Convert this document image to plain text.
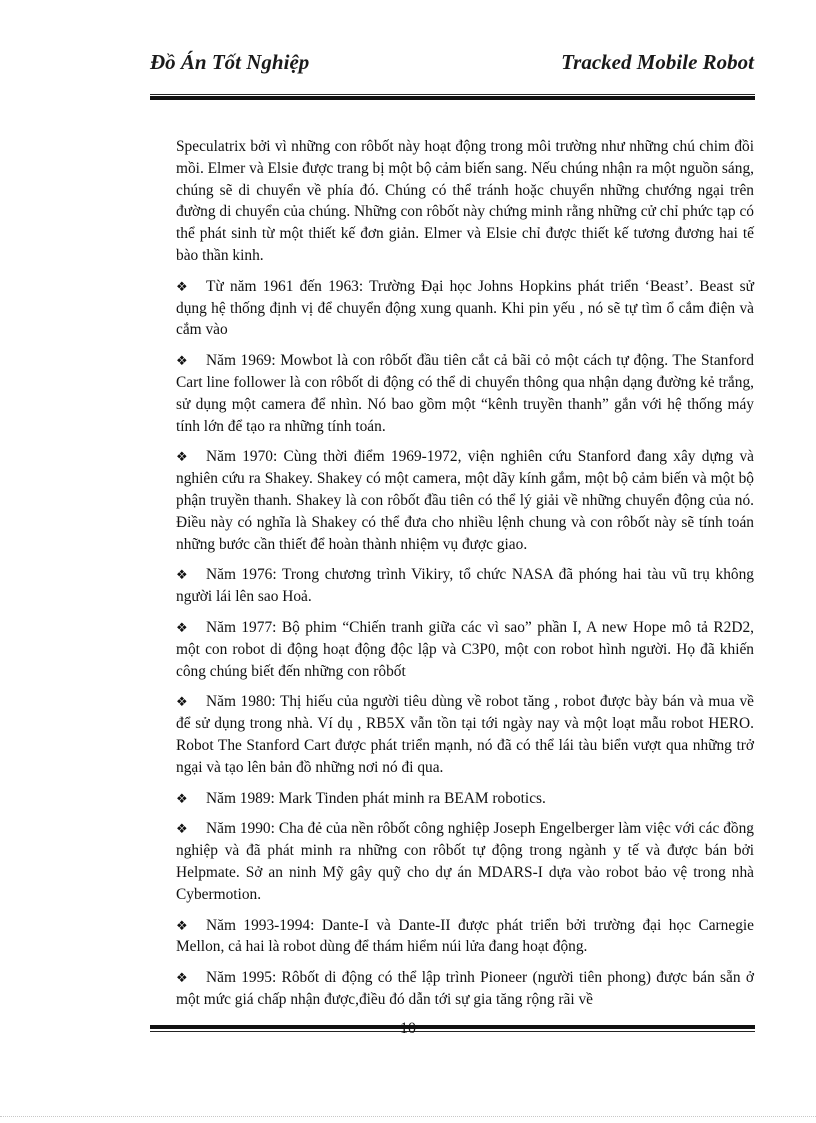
Đồ Án Tốt Nghiệp	Tracked Mobile Robot

Speculatrix bởi vì những con rôbốt này hoạt động trong môi trường như những chú chim đồi mồi. Elmer và Elsie được trang bị một bộ cảm biến sang. Nếu chúng nhận ra một nguồn sáng, chúng sẽ di chuyển về phía đó. Chúng có thể tránh hoặc chuyển những chướng ngại trên đường di chuyển của chúng. Những con rôbốt này chứng minh rằng những cử chỉ phức tạp có thể phát sinh từ một thiết kế đơn giản. Elmer và Elsie chỉ được thiết kế tương đương hai tế bào thần kinh.

❖ Từ năm 1961 đến 1963: Trường Đại học Johns Hopkins phát triển ‘Beast’. Beast sử dụng hệ thống định vị để chuyển động xung quanh. Khi pin yếu , nó sẽ tự tìm ổ cắm điện và cắm vào

❖ Năm 1969: Mowbot là con rôbốt đầu tiên cắt cả bãi cỏ một cách tự động. The Stanford Cart line follower là con rôbốt di động có thể di chuyển thông qua nhận dạng đường kẻ trắng, sử dụng một camera để nhìn. Nó bao gồm một “kênh truyền thanh” gắn với hệ thống máy tính lớn để tạo ra những tính toán.

❖ Năm 1970: Cùng thời điểm 1969-1972, viện nghiên cứu Stanford đang xây dựng và nghiên cứu ra Shakey. Shakey có một camera, một dãy kính gắm, một bộ cảm biến và một bộ phận truyền thanh. Shakey là con rôbốt đầu tiên có thể lý giải về những chuyển động của nó. Điều này có nghĩa là Shakey có thể đưa cho nhiều lệnh chung và con rôbốt này sẽ tính toán những bước cần thiết để hoàn thành nhiệm vụ được giao.

❖ Năm 1976: Trong chương trình Vikiry, tổ chức NASA đã phóng hai tàu vũ trụ không người lái lên sao Hoả.

❖ Năm 1977: Bộ phim “Chiến tranh giữa các vì sao” phần I, A new Hope mô tả R2D2, một con robot di động hoạt động độc lập và C3P0, một con robot hình người. Họ đã khiến công chúng biết đến những con rôbốt

❖ Năm 1980: Thị hiếu của người tiêu dùng về robot tăng , robot được bày bán và mua về để sử dụng trong nhà. Ví dụ , RB5X vẫn tồn tại tới ngày nay và một loạt mẫu robot HERO. Robot The Stanford Cart được phát triển mạnh, nó đã có thể lái tàu biển vượt qua những trở ngại và tạo lên bản đồ những nơi nó đi qua.

❖ Năm 1989: Mark Tinden phát minh ra BEAM robotics.

❖ Năm 1990: Cha đẻ của nền rôbốt công nghiệp Joseph Engelberger làm việc với các đồng nghiệp và đã phát minh ra những con rôbốt tự động trong ngành y tế và được bán bởi Helpmate. Sở an ninh Mỹ gây quỹ cho dự án MDARS-I dựa vào robot bảo vệ trong nhà Cybermotion.

❖ Năm 1993-1994: Dante-I và Dante-II được phát triển bởi trường đại học Carnegie Mellon, cả hai là robot dùng để thám hiểm núi lửa đang hoạt động.

❖ Năm 1995: Rôbốt di động có thể lập trình Pioneer (người tiên phong) được bán sẵn ở một mức giá chấp nhận được,điều đó dẫn tới sự gia tăng rộng rãi về

10
